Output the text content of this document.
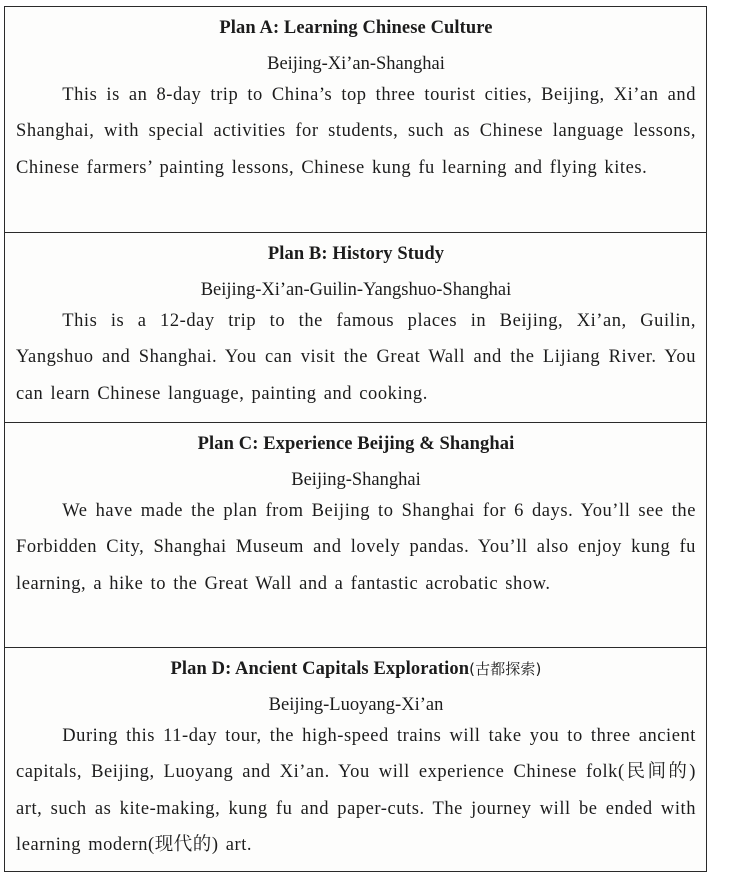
Plan A: Learning Chinese Culture
Beijing-Xi’an-Shanghai
This is an 8-day trip to China’s top three tourist cities, Beijing, Xi’an and Shanghai, with special activities for students, such as Chinese language lessons, Chinese farmers’ painting lessons, Chinese kung fu learning and flying kites.
Plan B: History Study
Beijing-Xi’an-Guilin-Yangshuo-Shanghai
This is a 12-day trip to the famous places in Beijing, Xi’an, Guilin, Yangshuo and Shanghai. You can visit the Great Wall and the Lijiang River. You can learn Chinese language, painting and cooking.
Plan C: Experience Beijing & Shanghai
Beijing-Shanghai
We have made the plan from Beijing to Shanghai for 6 days. You’ll see the Forbidden City, Shanghai Museum and lovely pandas. You’ll also enjoy kung fu learning, a hike to the Great Wall and a fantastic acrobatic show.
Plan D: Ancient Capitals Exploration(古都探索)
Beijing-Luoyang-Xi’an
During this 11-day tour, the high-speed trains will take you to three ancient capitals, Beijing, Luoyang and Xi’an. You will experience Chinese folk(民间的) art, such as kite-making, kung fu and paper-cuts. The journey will be ended with learning modern(现代的) art.
